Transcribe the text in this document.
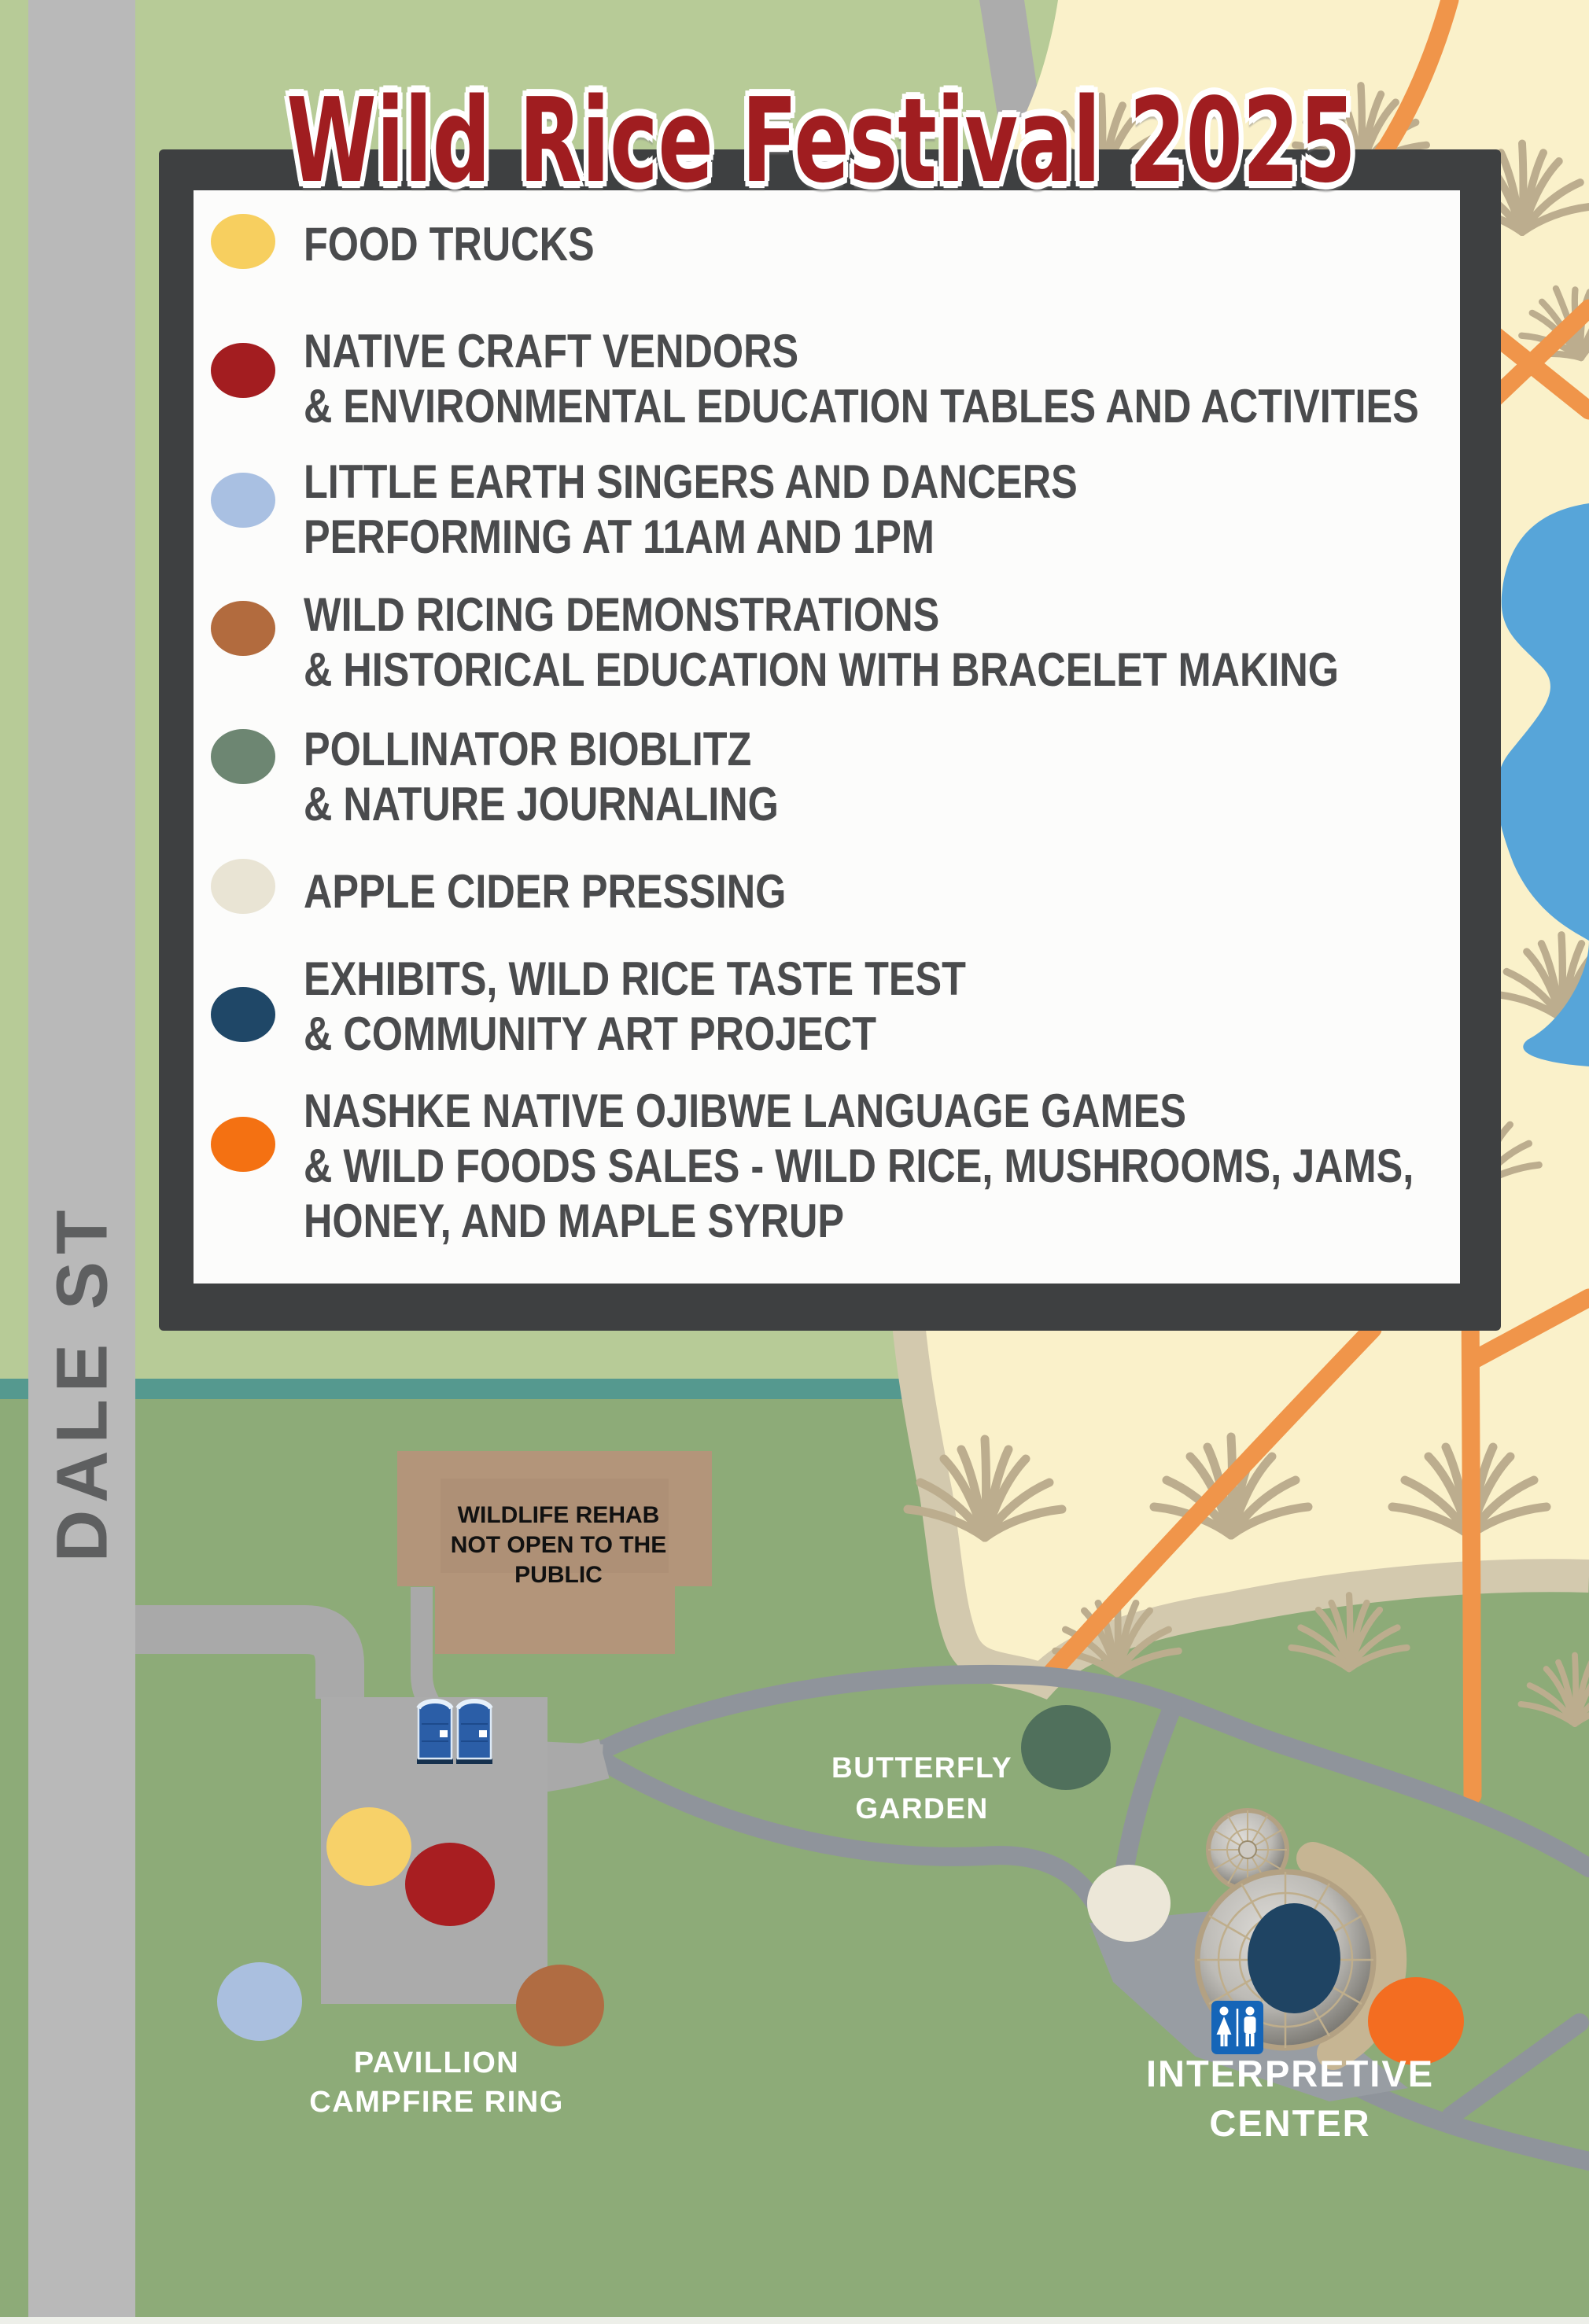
WILDLIFE REHAB
NOT OPEN TO THE
PUBLIC
BUTTERFLY
GARDEN
PAVILLION
CAMPFIRE RING
INTERPRETIVE
CENTER
FOOD TRUCKS
NATIVE CRAFT VENDORS
& ENVIRONMENTAL EDUCATION TABLES AND ACTIVITIES
LITTLE EARTH SINGERS AND DANCERS
PERFORMING AT 11AM AND 1PM
WILD RICING DEMONSTRATIONS
& HISTORICAL EDUCATION WITH BRACELET MAKING
POLLINATOR BIOBLITZ
& NATURE JOURNALING
APPLE CIDER PRESSING
EXHIBITS, WILD RICE TASTE TEST
& COMMUNITY ART PROJECT
NASHKE NATIVE OJIBWE LANGUAGE GAMES
& WILD FOODS SALES - WILD RICE, MUSHROOMS, JAMS,
HONEY, AND MAPLE SYRUP
Wild Rice Festival 2025
DALE ST
